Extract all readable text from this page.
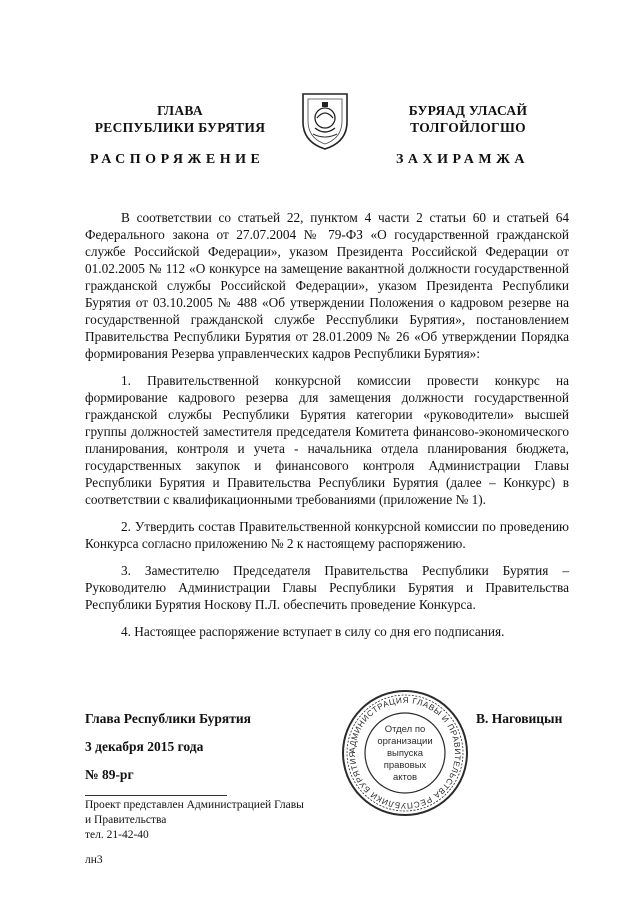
ГЛАВА
РЕСПУБЛИКИ БУРЯТИЯ
БУРЯАД УЛАСАЙ
ТОЛГОЙЛОГШО
РАСПОРЯЖЕНИЕ	ЗАХИРАМЖА

В соответствии со статьей 22, пунктом 4 части 2 статьи 60 и статьей 64 Федерального закона от 27.07.2004 № 79-ФЗ «О государственной гражданской службе Российской Федерации», указом Президента Российской Федерации от 01.02.2005 № 112 «О конкурсе на замещение вакантной должности государственной гражданской службы Российской Федерации», указом Президента Республики Бурятия от 03.10.2005 № 488 «Об утверждении Положения о кадровом резерве на государственной гражданской службе Ресспублики Бурятия», постановлением Правительства Республики Бурятия от 28.01.2009 № 26 «Об утверждении Порядка формирования Резерва управленческих кадров Республики Бурятия»:

1. Правительственной конкурсной комиссии провести конкурс на формирование кадрового резерва для замещения должности государственной гражданской службы Республики Бурятия категории «руководители» высшей группы должностей заместителя председателя Комитета финансово-экономического планирования, контроля и учета - начальника отдела планирования бюджета, государственных закупок и финансового контроля Администрации Главы Республики Бурятия и Правительства Республики Бурятия (далее – Конкурс) в соответствии с квалификационными требованиями (приложение № 1).

2. Утвердить состав Правительственной конкурсной комиссии по проведению Конкурса согласно приложению № 2 к настоящему распоряжению.

3. Заместителю Председателя Правительства Республики Бурятия – Руководителю Администрации Главы Республики Бурятия и Правительства Республики Бурятия Носкову П.Л. обеспечить проведение Конкурса.

4. Настоящее распоряжение вступает в силу со дня его подписания.

Глава Республики Бурятия	В. Наговицын
3 декабря 2015 года
№ 89-рг
АДМИНИСТРАЦИЯ ГЛАВЫ И ПРАВИТЕЛЬСТВА РЕСПУБЛИКИ БУРЯТИЯ
Отдел по
организации
выпуска
правовых
актов
Проект представлен Администрацией Главы
и Правительства
тел. 21-42-40
лн3
